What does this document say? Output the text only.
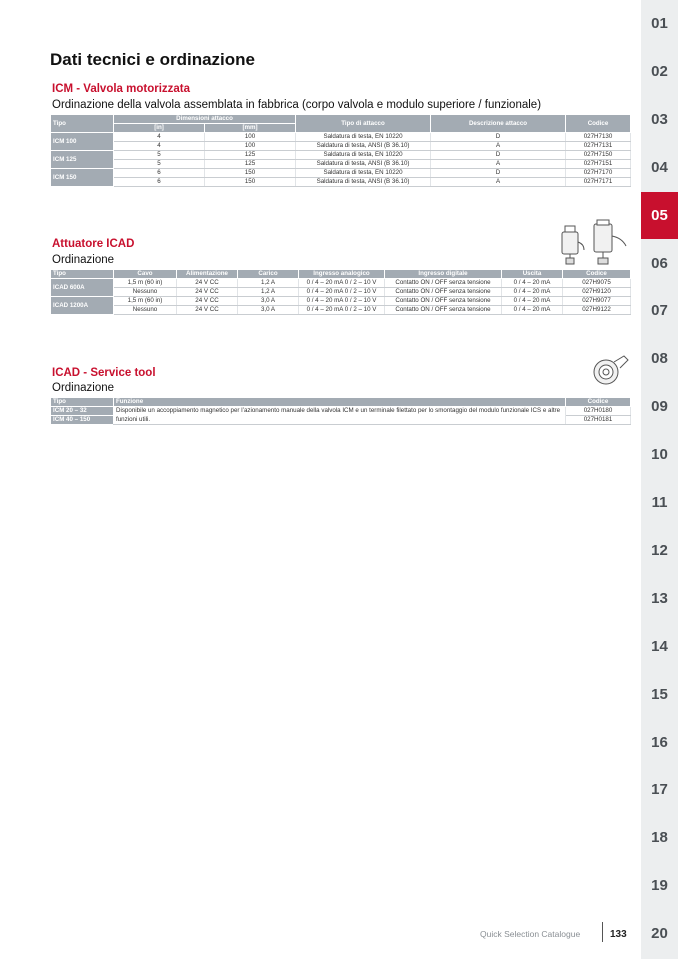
Dati tecnici e ordinazione
ICM - Valvola motorizzata
Ordinazione della valvola assemblata in fabbrica (corpo valvola e modulo superiore / funzionale)
Tipo	Dimensioni attacco		Tipo di attacco	Descrizione attacco	Codice
	[in]	[mm]			
ICM 100	4	100	Saldatura di testa, EN 10220	D	027H7130
	4	100	Saldatura di testa, ANSI (B 36.10)	A	027H7131
ICM 125	5	125	Saldatura di testa, EN 10220	D	027H7150
	5	125	Saldatura di testa, ANSI (B 36.10)	A	027H7151
ICM 150	6	150	Saldatura di testa, EN 10220	D	027H7170
	6	150	Saldatura di testa, ANSI (B 36.10)	A	027H7171
Attuatore ICAD
Ordinazione
Tipo	Cavo	Alimentazione	Carico	Ingresso analogico	Ingresso digitale	Uscita	Codice
ICAD 600A	1,5 m (60 in)	24 V CC	1,2 A	0 / 4 – 20 mA 0 / 2 – 10 V	Contatto ON / OFF senza tensione	0 / 4 – 20 mA	027H9075
	Nessuno	24 V CC	1,2 A	0 / 4 – 20 mA 0 / 2 – 10 V	Contatto ON / OFF senza tensione	0 / 4 – 20 mA	027H9120
ICAD 1200A	1,5 m (60 in)	24 V CC	3,0 A	0 / 4 – 20 mA 0 / 2 – 10 V	Contatto ON / OFF senza tensione	0 / 4 – 20 mA	027H9077
	Nessuno	24 V CC	3,0 A	0 / 4 – 20 mA 0 / 2 – 10 V	Contatto ON / OFF senza tensione	0 / 4 – 20 mA	027H9122
ICAD - Service tool
Ordinazione
Tipo	Funzione	Codice
ICM 20 – 32	Disponibile un accoppiamento magnetico per l’azionamento manuale della valvola ICM e un terminale filettato per lo smontaggio del modulo funzionale ICS e altre funzioni utili.	027H0180
ICM 40 – 150		027H0181
01
02
03
04
05
06
07
08
09
10
11
12
13
14
15
16
17
18
19
20
Quick Selection Catalogue	133
